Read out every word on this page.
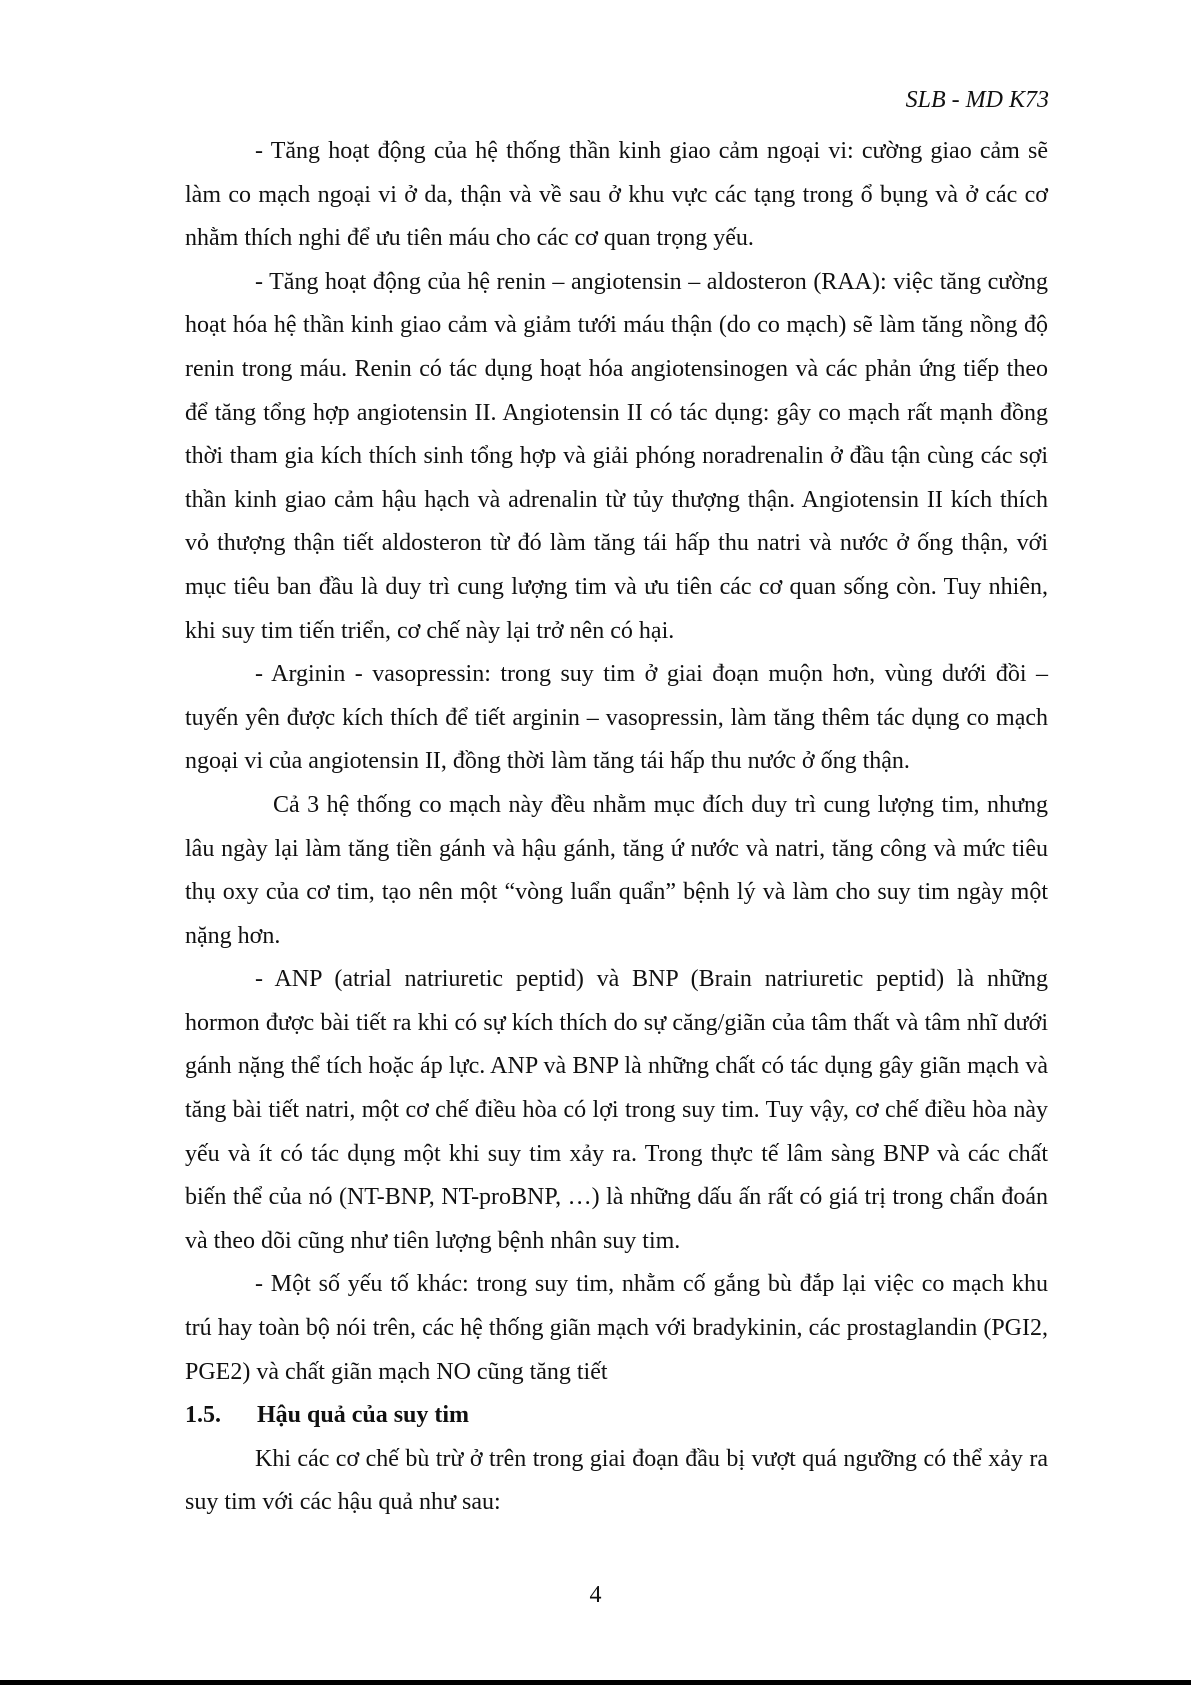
SLB - MD K73

- Tăng hoạt động của hệ thống thần kinh giao cảm ngoại vi: cường giao cảm sẽ làm co mạch ngoại vi ở da, thận và về sau ở khu vực các tạng trong ổ bụng và ở các cơ nhằm thích nghi để ưu tiên máu cho các cơ quan trọng yếu.

- Tăng hoạt động của hệ renin – angiotensin – aldosteron (RAA): việc tăng cường hoạt hóa hệ thần kinh giao cảm và giảm tưới máu thận (do co mạch) sẽ làm tăng nồng độ renin trong máu. Renin có tác dụng hoạt hóa angiotensinogen và các phản ứng tiếp theo để tăng tổng hợp angiotensin II. Angiotensin II có tác dụng: gây co mạch rất mạnh đồng thời tham gia kích thích sinh tổng hợp và giải phóng noradrenalin ở đầu tận cùng các sợi thần kinh giao cảm hậu hạch và adrenalin từ tủy thượng thận. Angiotensin II kích thích vỏ thượng thận tiết aldosteron từ đó làm tăng tái hấp thu natri và nước ở ống thận, với mục tiêu ban đầu là duy trì cung lượng tim và ưu tiên các cơ quan sống còn. Tuy nhiên, khi suy tim tiến triển, cơ chế này lại trở nên có hại.

- Arginin - vasopressin: trong suy tim ở giai đoạn muộn hơn, vùng dưới đồi – tuyến yên được kích thích để tiết arginin – vasopressin, làm tăng thêm tác dụng co mạch ngoại vi của angiotensin II, đồng thời làm tăng tái hấp thu nước ở ống thận.

Cả 3 hệ thống co mạch này đều nhằm mục đích duy trì cung lượng tim, nhưng lâu ngày lại làm tăng tiền gánh và hậu gánh, tăng ứ nước và natri, tăng công và mức tiêu thụ oxy của cơ tim, tạo nên một “vòng luẩn quẩn” bệnh lý và làm cho suy tim ngày một nặng hơn.

- ANP (atrial natriuretic peptid) và BNP (Brain natriuretic peptid) là những hormon được bài tiết ra khi có sự kích thích do sự căng/giãn của tâm thất và tâm nhĩ dưới gánh nặng thể tích hoặc áp lực. ANP và BNP là những chất có tác dụng gây giãn mạch và tăng bài tiết natri, một cơ chế điều hòa có lợi trong suy tim. Tuy vậy, cơ chế điều hòa này yếu và ít có tác dụng một khi suy tim xảy ra. Trong thực tế lâm sàng BNP và các chất biến thể của nó (NT-BNP, NT-proBNP, …) là những dấu ấn rất có giá trị trong chẩn đoán và theo dõi cũng như tiên lượng bệnh nhân suy tim.

- Một số yếu tố khác: trong suy tim, nhằm cố gắng bù đắp lại việc co mạch khu trú hay toàn bộ nói trên, các hệ thống giãn mạch với bradykinin, các prostaglandin (PGI2, PGE2) và chất giãn mạch NO cũng tăng tiết

1.5. Hậu quả của suy tim

Khi các cơ chế bù trừ ở trên trong giai đoạn đầu bị vượt quá ngưỡng có thể xảy ra suy tim với các hậu quả như sau:

4
